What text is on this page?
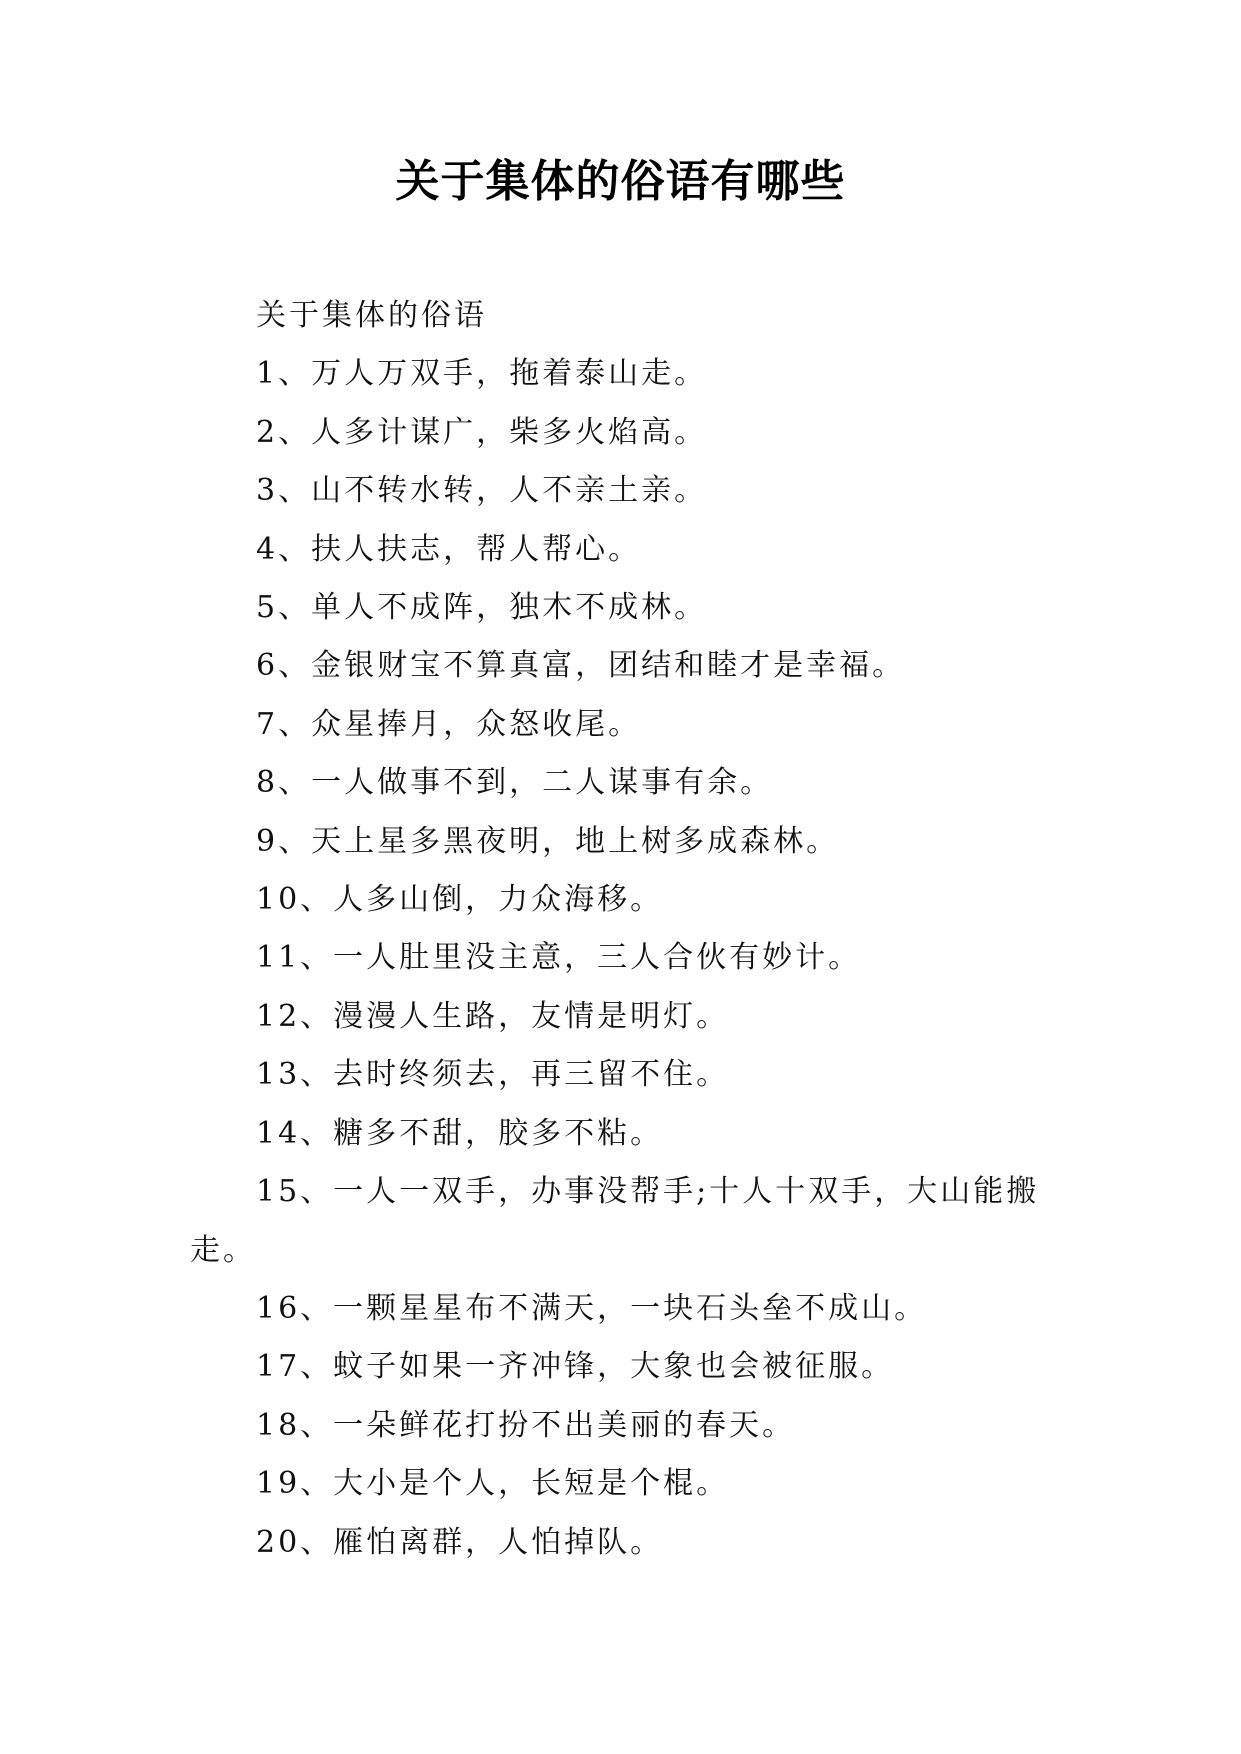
关于集体的俗语有哪些

关于集体的俗语

1、万人万双手，拖着泰山走。

2、人多计谋广，柴多火焰高。

3、山不转水转，人不亲土亲。

4、扶人扶志，帮人帮心。

5、单人不成阵，独木不成林。

6、金银财宝不算真富，团结和睦才是幸福。

7、众星捧月，众怒收尾。

8、一人做事不到，二人谋事有余。

9、天上星多黑夜明，地上树多成森林。

10、人多山倒，力众海移。

11、一人肚里没主意，三人合伙有妙计。

12、漫漫人生路，友情是明灯。

13、去时终须去，再三留不住。

14、糖多不甜，胶多不粘。

15、一人一双手，办事没帮手;十人十双手，大山能搬走。

16、一颗星星布不满天，一块石头垒不成山。

17、蚊子如果一齐冲锋，大象也会被征服。

18、一朵鲜花打扮不出美丽的春天。

19、大小是个人，长短是个棍。

20、雁怕离群，人怕掉队。
